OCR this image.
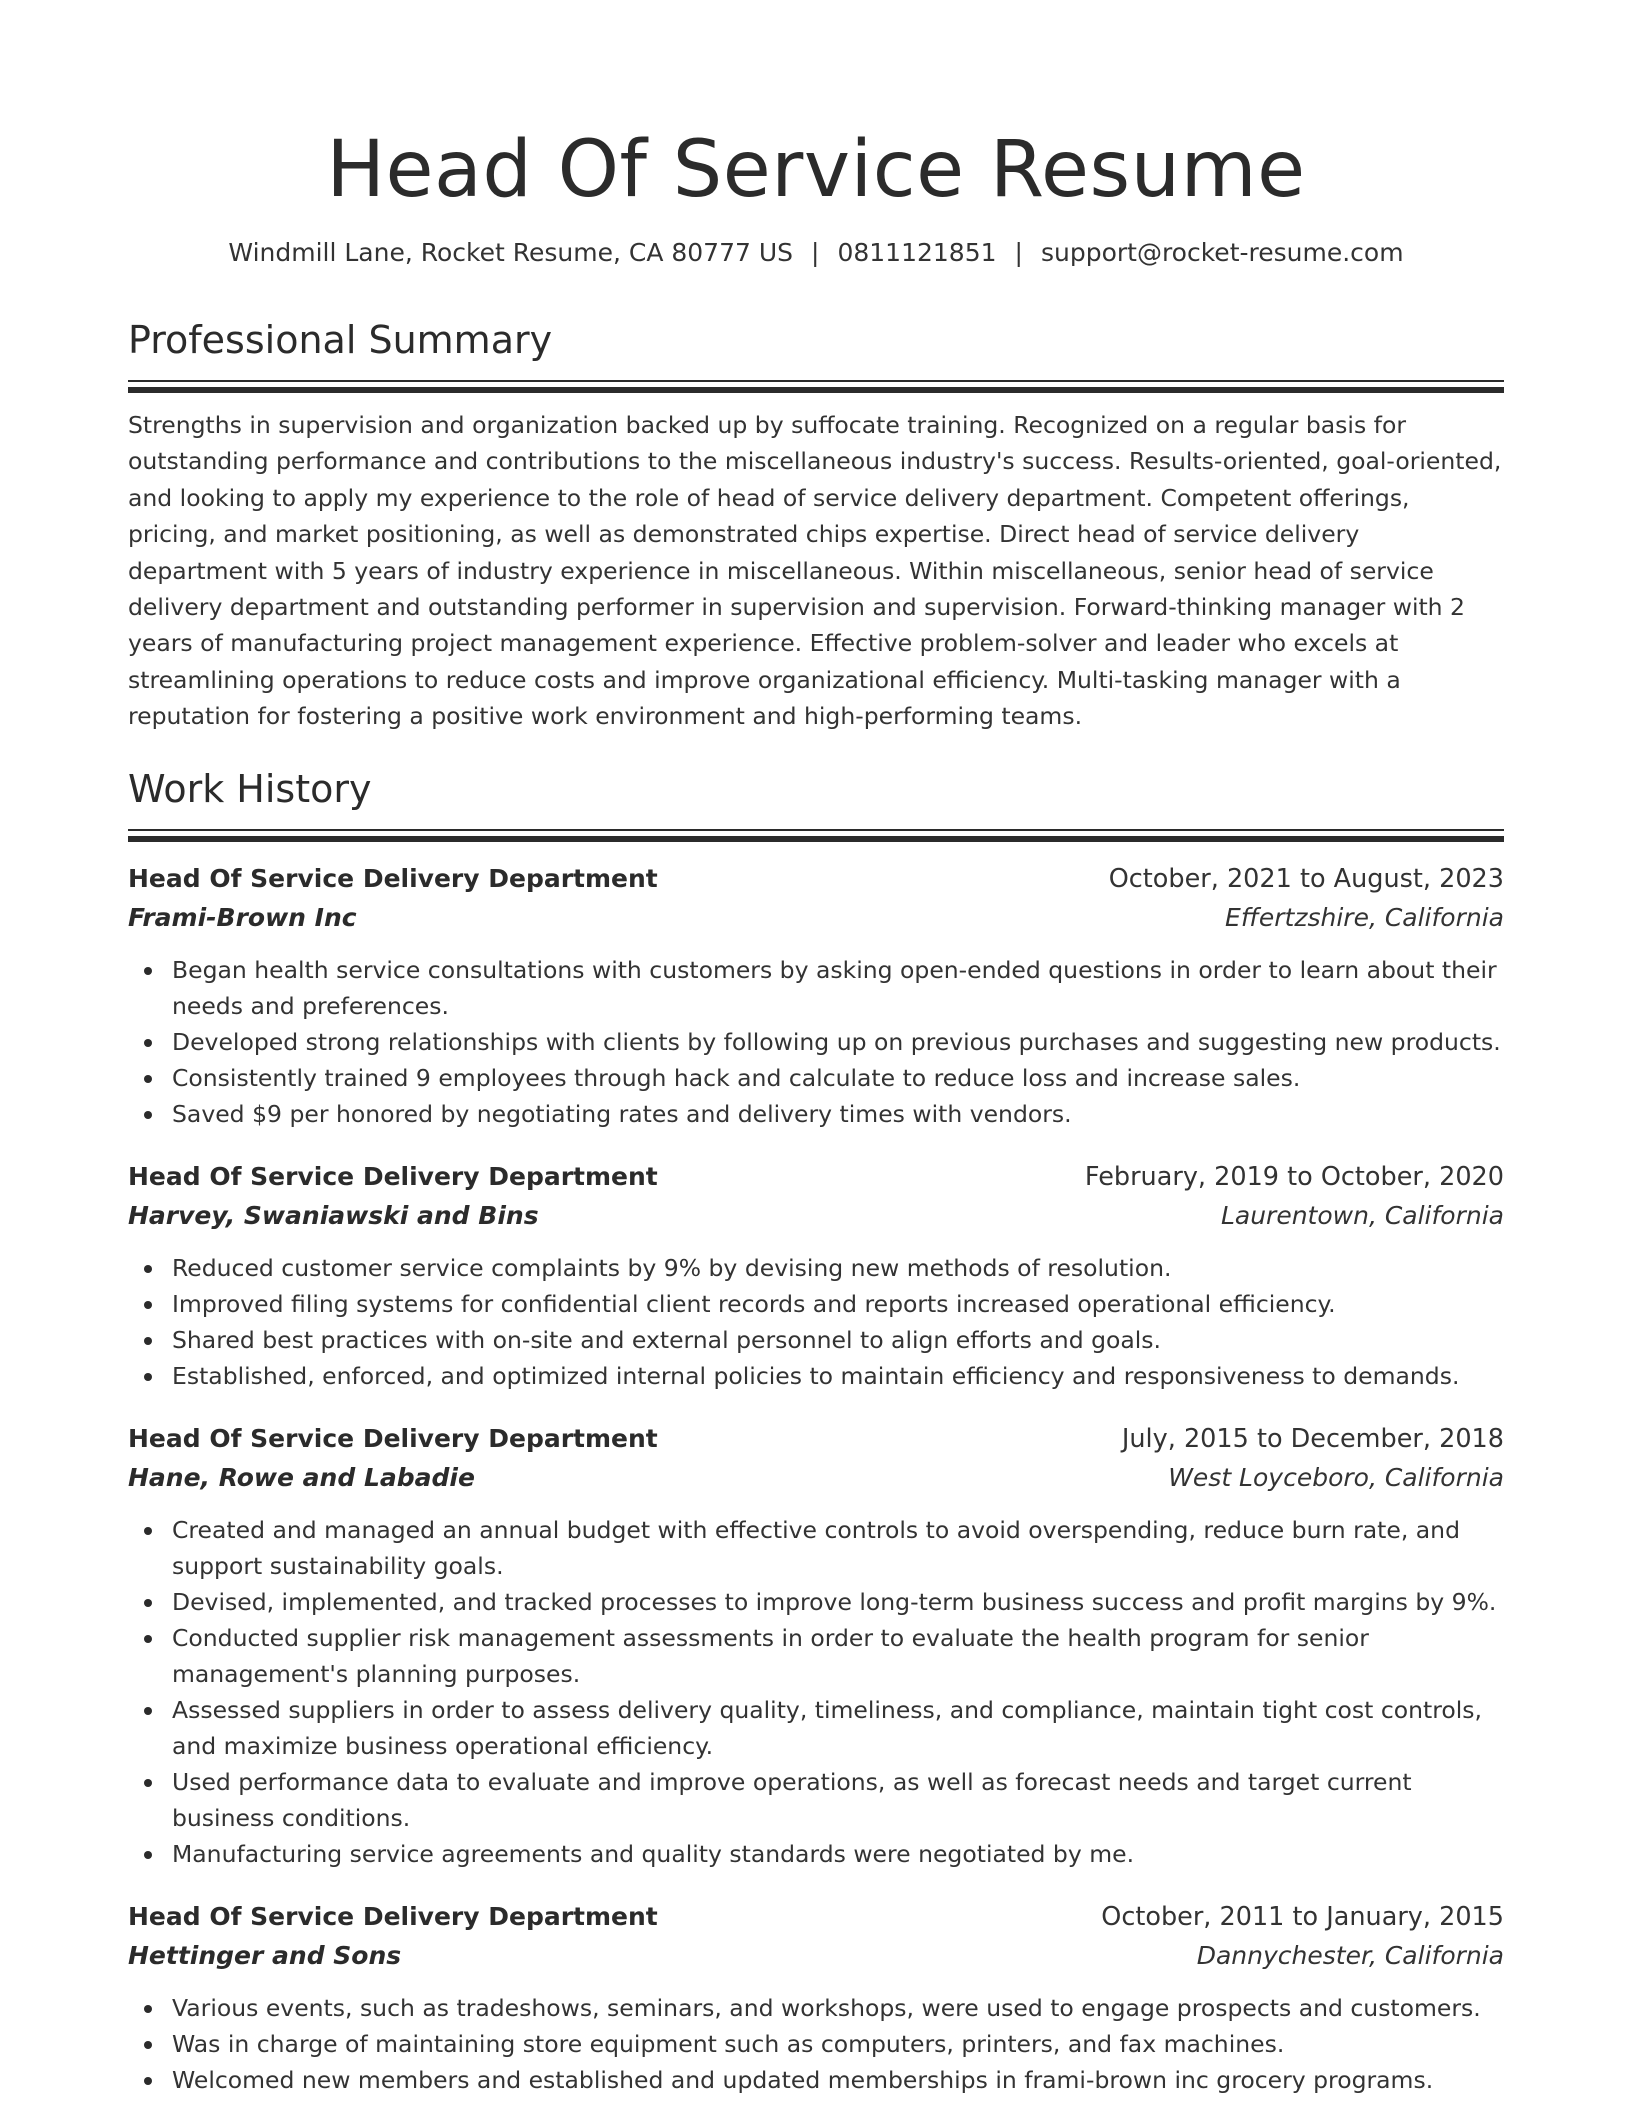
Head Of Service Resume
Windmill Lane, Rocket Resume, CA 80777 US | 0811121851 | support@rocket-resume.com
Professional Summary

Strengths in supervision and organization backed up by suffocate training. Recognized on a regular basis for outstanding performance and contributions to the miscellaneous industry's success. Results-oriented, goal-oriented, and looking to apply my experience to the role of head of service delivery department. Competent offerings, pricing, and market positioning, as well as demonstrated chips expertise. Direct head of service delivery department with 5 years of industry experience in miscellaneous. Within miscellaneous, senior head of service delivery department and outstanding performer in supervision and supervision. Forward-thinking manager with 2 years of manufacturing project management experience. Effective problem-solver and leader who excels at streamlining operations to reduce costs and improve organizational efficiency. Multi-tasking manager with a reputation for fostering a positive work environment and high-performing teams.

Work History
Head Of Service Delivery Department	October, 2021 to August, 2023
Frami-Brown Inc	Effertzshire, California
Began health service consultations with customers by asking open-ended questions in order to learn about their needs and preferences.
Developed strong relationships with clients by following up on previous purchases and suggesting new products.
Consistently trained 9 employees through hack and calculate to reduce loss and increase sales.
Saved $9 per honored by negotiating rates and delivery times with vendors.
Head Of Service Delivery Department	February, 2019 to October, 2020
Harvey, Swaniawski and Bins	Laurentown, California
Reduced customer service complaints by 9% by devising new methods of resolution.
Improved filing systems for confidential client records and reports increased operational efficiency.
Shared best practices with on-site and external personnel to align efforts and goals.
Established, enforced, and optimized internal policies to maintain efficiency and responsiveness to demands.
Head Of Service Delivery Department	July, 2015 to December, 2018
Hane, Rowe and Labadie	West Loyceboro, California
Created and managed an annual budget with effective controls to avoid overspending, reduce burn rate, and support sustainability goals.
Devised, implemented, and tracked processes to improve long-term business success and profit margins by 9%.
Conducted supplier risk management assessments in order to evaluate the health program for senior management's planning purposes.
Assessed suppliers in order to assess delivery quality, timeliness, and compliance, maintain tight cost controls, and maximize business operational efficiency.
Used performance data to evaluate and improve operations, as well as forecast needs and target current business conditions.
Manufacturing service agreements and quality standards were negotiated by me.
Head Of Service Delivery Department	October, 2011 to January, 2015
Hettinger and Sons	Dannychester, California
Various events, such as tradeshows, seminars, and workshops, were used to engage prospects and customers.
Was in charge of maintaining store equipment such as computers, printers, and fax machines.
Welcomed new members and established and updated memberships in frami-brown inc grocery programs.
